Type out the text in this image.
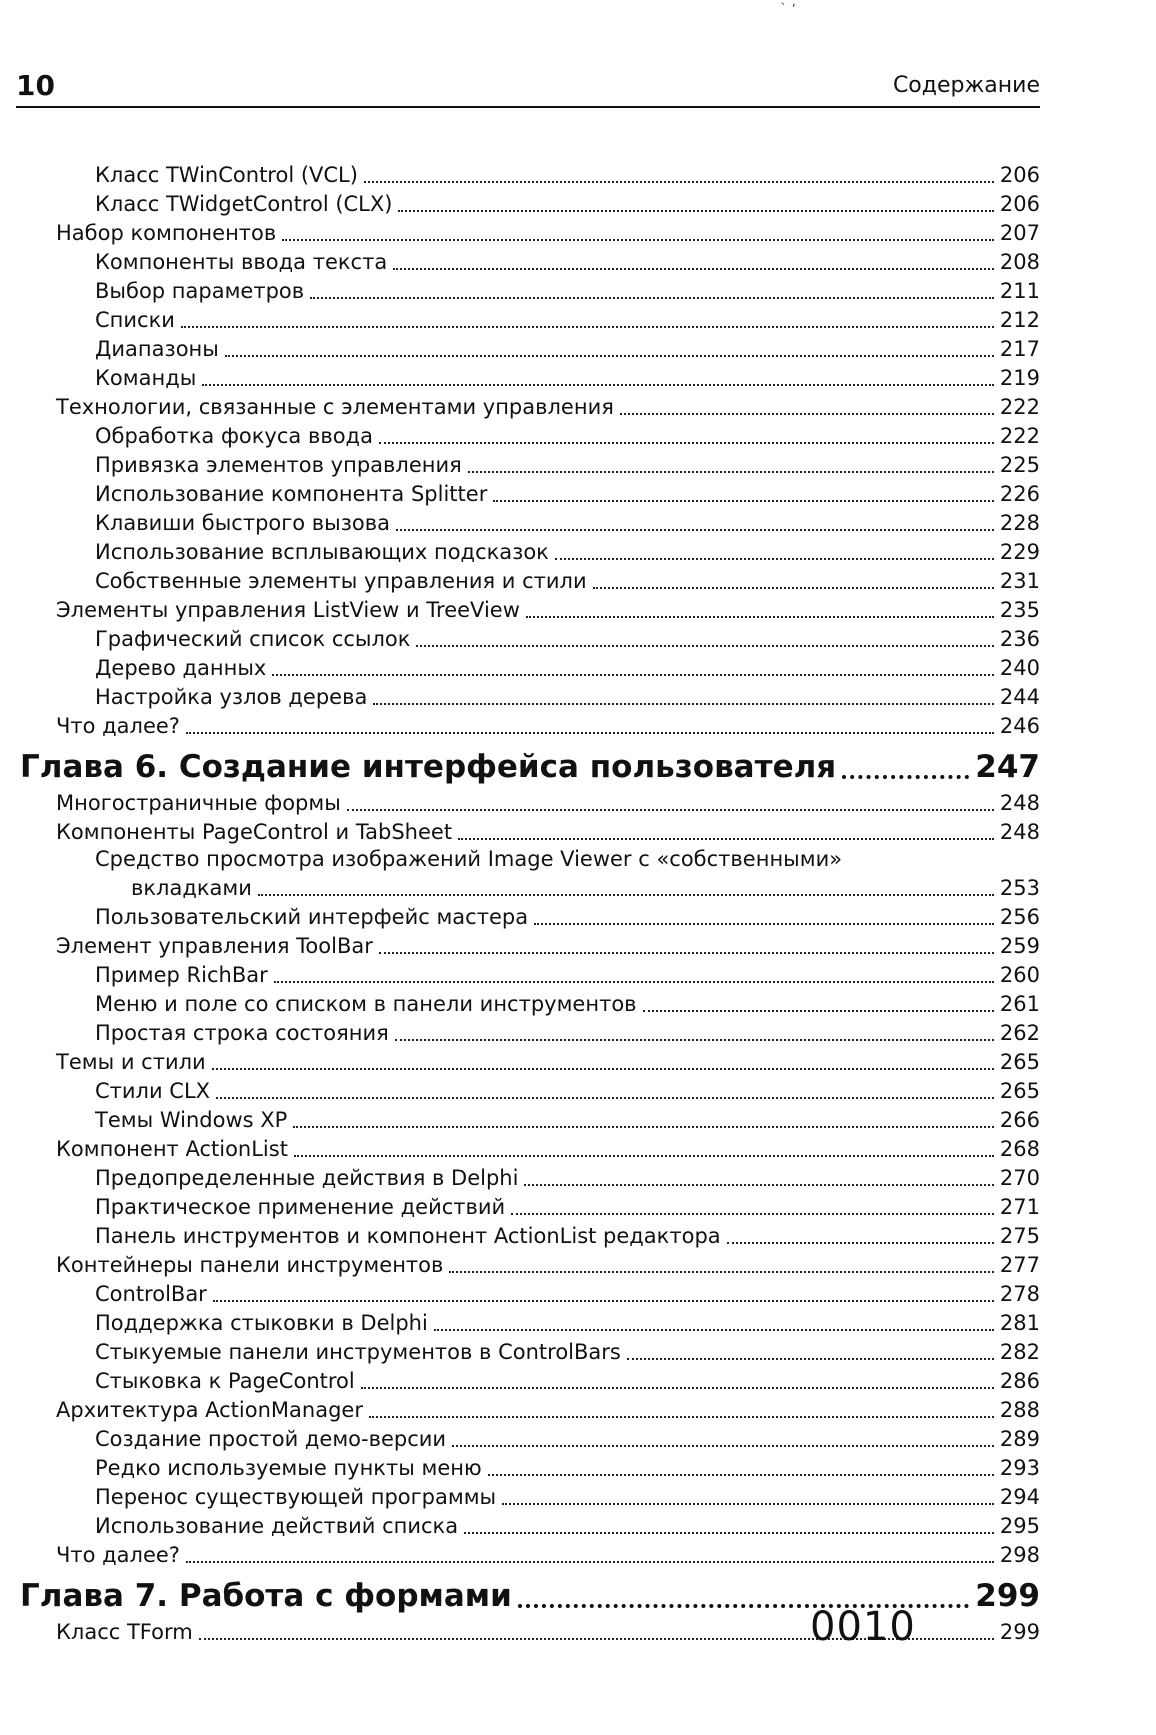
` ٬
10	Содержание
Класс TWinControl (VCL)	206
Класс TWidgetControl (CLX)	206
Набор компонентов	207
Компоненты ввода текста	208
Выбор параметров	211
Списки	212
Диапазоны	217
Команды	219
Технологии, связанные с элементами управления	222
Обработка фокуса ввода	222
Привязка элементов управления	225
Использование компонента Splitter	226
Клавиши быстрого вызова	228
Использование всплывающих подсказок	229
Собственные элементы управления и стили	231
Элементы управления ListView и TreeView	235
Графический список ссылок	236
Дерево данных	240
Настройка узлов дерева	244
Что далее?	246
Глава 6. Создание интерфейса пользователя	247
Многостраничные формы	248
Компоненты PageControl и TabSheet	248
Средство просмотра изображений Image Viewer с «собственными»
вкладками	253
Пользовательский интерфейс мастера	256
Элемент управления ToolBar	259
Пример RichBar	260
Меню и поле со списком в панели инструментов	261
Простая строка состояния	262
Темы и стили	265
Стили CLX	265
Темы Windows XP	266
Компонент ActionList	268
Предопределенные действия в Delphi	270
Практическое применение действий	271
Панель инструментов и компонент ActionList редактора	275
Контейнеры панели инструментов	277
ControlBar	278
Поддержка стыковки в Delphi	281
Стыкуемые панели инструментов в ControlBars	282
Стыковка к PageControl	286
Архитектура ActionManager	288
Создание простой демо-версии	289
Редко используемые пункты меню	293
Перенос существующей программы	294
Использование действий списка	295
Что далее?	298
Глава 7. Работа с формами	299
Класс TForm	299
0010
